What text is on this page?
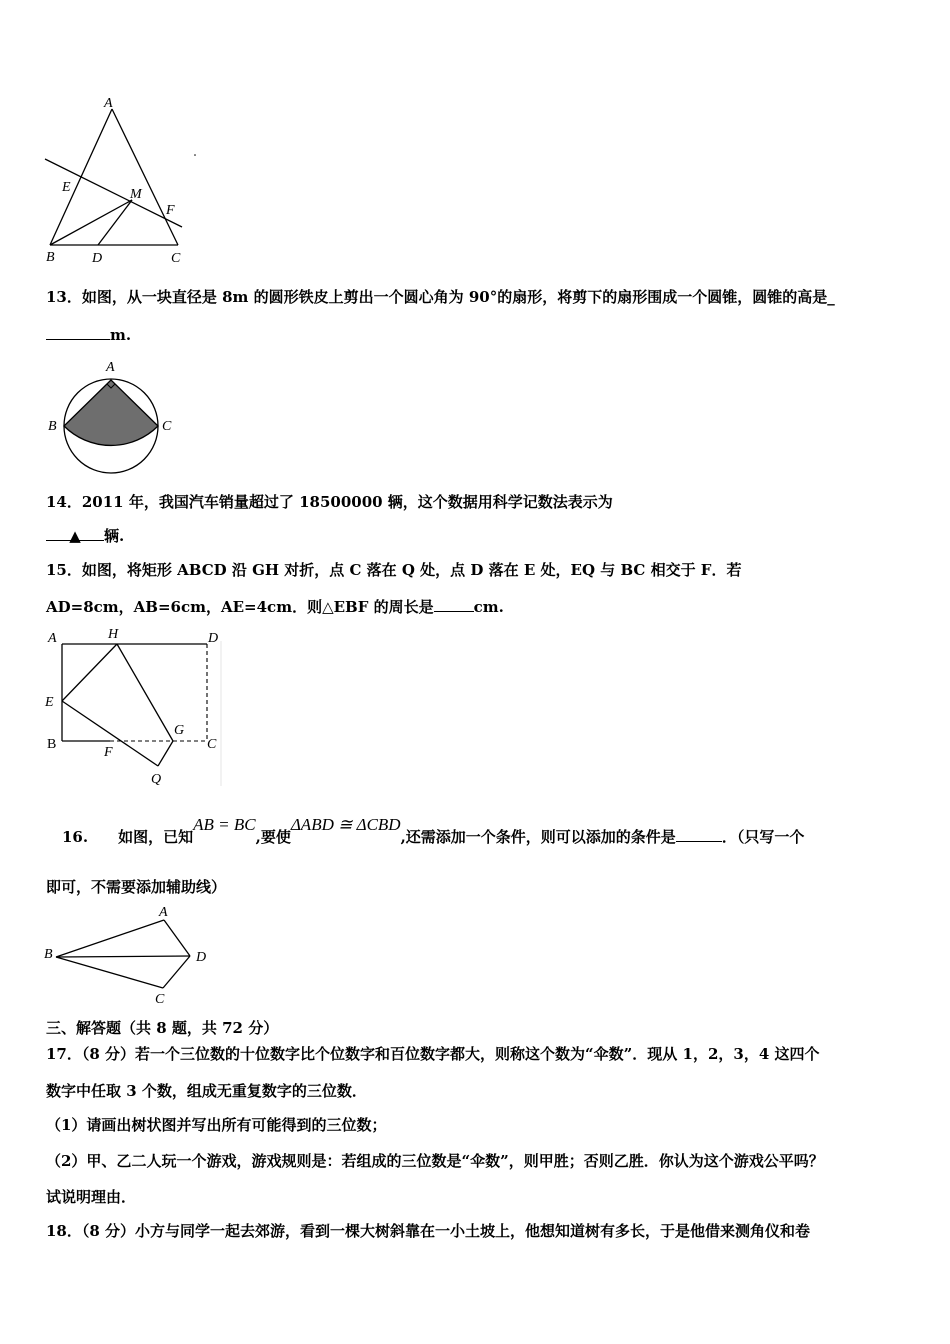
A
E	M
F
B	D	C
13．如图，从一块直径是 8m 的圆形铁皮上剪出一个圆心角为 90°的扇形，将剪下的扇形围成一个圆锥，圆锥的高是_
m.
A
B	C
14．2011 年，我国汽车销量超过了 18500000 辆，这个数据用科学记数法表示为
▲ 辆.
15．如图，将矩形 ABCD 沿 GH 对折，点 C 落在 Q 处，点 D 落在 E 处，EQ 与 BC 相交于 F．若
AD=8cm，AB=6cm，AE=4cm．则△EBF 的周长是	cm.
A	H	D
E
G
B
F
C
Q
16. 如图，已知AB = BC,要使ΔABD ≅ ΔCBD,还需添加一个条件，则可以添加的条件是	．（只写一个
即可，不需要添加辅助线）
A
B	D
C
三、解答题（共 8 题，共 72 分）
17．（8 分）若一个三位数的十位数字比个位数字和百位数字都大，则称这个数为“伞数”．现从 1，2，3，4 这四个
数字中任取 3 个数，组成无重复数字的三位数．
（1）请画出树状图并写出所有可能得到的三位数；
（2）甲、乙二人玩一个游戏，游戏规则是：若组成的三位数是“伞数”，则甲胜；否则乙胜．你认为这个游戏公平吗？
试说明理由．
18．（8 分）小方与同学一起去郊游，看到一棵大树斜靠在一小土坡上，他想知道树有多长，于是他借来测角仪和卷
